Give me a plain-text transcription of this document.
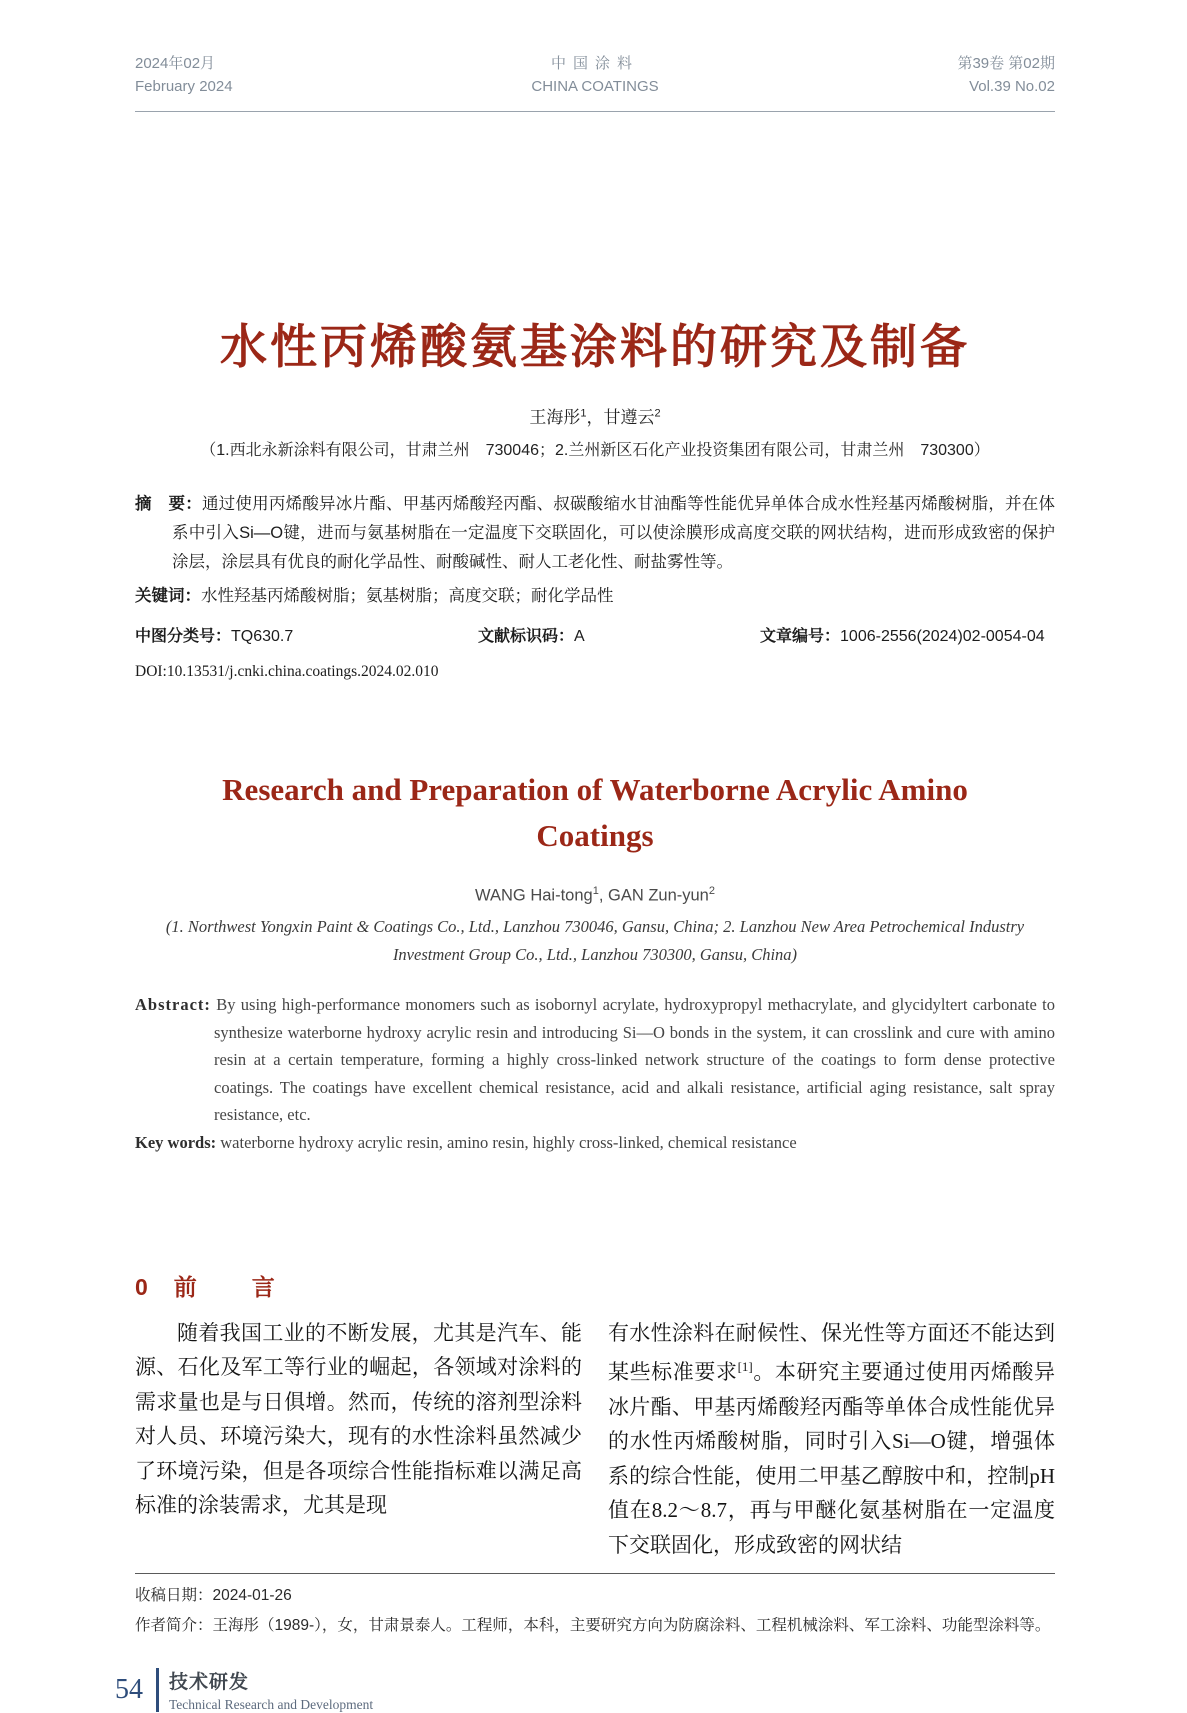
2024年02月
February 2024
中国涂料
CHINA COATINGS
第39卷 第02期
Vol.39 No.02
水性丙烯酸氨基涂料的研究及制备
王海彤$^1$，甘遵云$^2$
（1.西北永新涂料有限公司，甘肃兰州　730046；2.兰州新区石化产业投资集团有限公司，甘肃兰州　730300）
摘　要：通过使用丙烯酸异冰片酯、甲基丙烯酸羟丙酯、叔碳酸缩水甘油酯等性能优异单体合成水性羟基丙烯酸树脂，并在体系中引入Si—O键，进而与氨基树脂在一定温度下交联固化，可以使涂膜形成高度交联的网状结构，进而形成致密的保护涂层，涂层具有优良的耐化学品性、耐酸碱性、耐人工老化性、耐盐雾性等。
关键词：水性羟基丙烯酸树脂；氨基树脂；高度交联；耐化学品性
中图分类号：TQ630.7	文献标识码：A	文章编号：1006-2556(2024)02-0054-04
DOI:10.13531/j.cnki.china.coatings.2024.02.010
Research and Preparation of Waterborne Acrylic Amino
Coatings
WANG Hai-tong$^1$, GAN Zun-yun$^2$
(1. Northwest Yongxin Paint & Coatings Co., Ltd., Lanzhou 730046, Gansu, China; 2. Lanzhou New Area Petrochemical Industry Investment Group Co., Ltd., Lanzhou 730300, Gansu, China)
Abstract: By using high-performance monomers such as isobornyl acrylate, hydroxypropyl methacrylate, and glycidyltert carbonate to synthesize waterborne hydroxy acrylic resin and introducing Si—O bonds in the system, it can crosslink and cure with amino resin at a certain temperature, forming a highly cross-linked network structure of the coatings to form dense protective coatings. The coatings have excellent chemical resistance, acid and alkali resistance, artificial aging resistance, salt spray resistance, etc.
Key words: waterborne hydroxy acrylic resin, amino resin, highly cross-linked, chemical resistance
0 前　言

随着我国工业的不断发展，尤其是汽车、能源、石化及军工等行业的崛起，各领域对涂料的需求量也是与日俱增。然而，传统的溶剂型涂料对人员、环境污染大，现有的水性涂料虽然减少了环境污染，但是各项综合性能指标难以满足高标准的涂装需求，尤其是现

有水性涂料在耐候性、保光性等方面还不能达到某些标准要求[1]。本研究主要通过使用丙烯酸异冰片酯、甲基丙烯酸羟丙酯等单体合成性能优异的水性丙烯酸树脂，同时引入Si—O键，增强体系的综合性能，使用二甲基乙醇胺中和，控制pH值在8.2～8.7，再与甲醚化氨基树脂在一定温度下交联固化，形成致密的网状结

收稿日期：2024-01-26

作者简介：王海彤（1989-），女，甘肃景泰人。工程师，本科，主要研究方向为防腐涂料、工程机械涂料、军工涂料、功能型涂料等。

54 技术研发
Technical Research and Development
